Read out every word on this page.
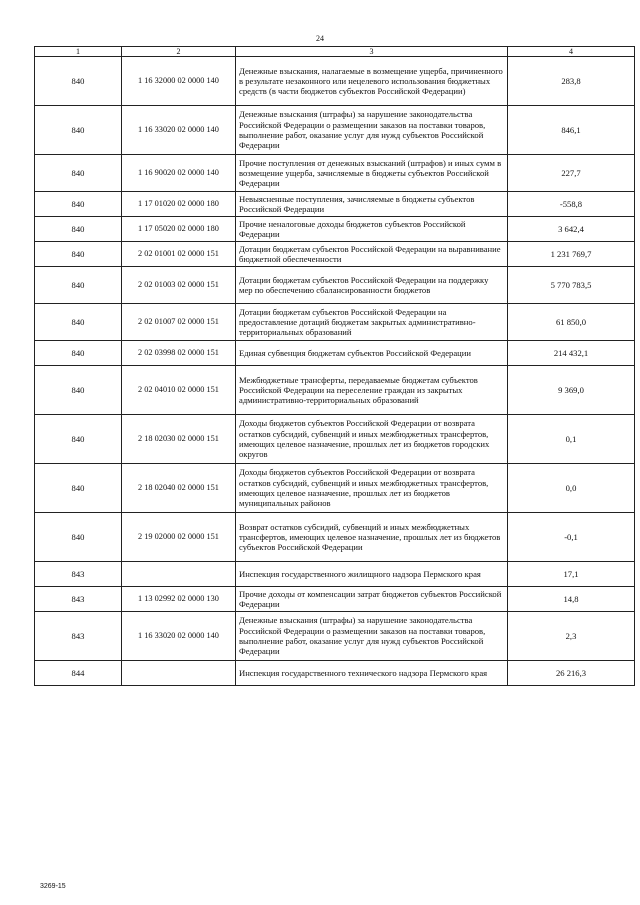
24
1	2	3	4
840	1 16 32000 02 0000 140	Денежные взыскания, налагаемые в возмещение ущерба, причиненного в результате незаконного или нецелевого использования бюджетных средств (в части бюджетов субъектов Российской Федерации)	283,8
840	1 16 33020 02 0000 140	Денежные взыскания (штрафы) за нарушение законодательства Российской Федерации о размещении заказов на поставки товаров, выполнение работ, оказание услуг для нужд субъектов Российской Федерации	846,1
840	1 16 90020 02 0000 140	Прочие поступления от денежных взысканий (штрафов) и иных сумм в возмещение ущерба, зачисляемые в бюджеты субъектов Российской Федерации	227,7
840	1 17 01020 02 0000 180	Невыясненные поступления, зачисляемые в бюджеты субъектов Российской Федерации	-558,8
840	1 17 05020 02 0000 180	Прочие неналоговые доходы бюджетов субъектов Российской Федерации	3 642,4
840	2 02 01001 02 0000 151	Дотации бюджетам субъектов Российской Федерации на выравнивание бюджетной обеспеченности	1 231 769,7
840	2 02 01003 02 0000 151	Дотации бюджетам субъектов Российской Федерации на поддержку мер по обеспечению сбалансированности бюджетов	5 770 783,5
840	2 02 01007 02 0000 151	Дотации бюджетам субъектов Российской Федерации на предоставление дотаций бюджетам закрытых административно-территориальных образований	61 850,0
840	2 02 03998 02 0000 151	Единая субвенция бюджетам субъектов Российской Федерации	214 432,1
840	2 02 04010 02 0000 151	Межбюджетные трансферты, передаваемые бюджетам субъектов Российской Федерации на переселение граждан из закрытых административно-территориальных образований	9 369,0
840	2 18 02030 02 0000 151	Доходы бюджетов субъектов Российской Федерации от возврата остатков субсидий, субвенций и иных межбюджетных трансфертов, имеющих целевое назначение, прошлых лет из бюджетов городских округов	0,1
840	2 18 02040 02 0000 151	Доходы бюджетов субъектов Российской Федерации от возврата остатков субсидий, субвенций и иных межбюджетных трансфертов, имеющих целевое назначение, прошлых лет из бюджетов муниципальных районов	0,0
840	2 19 02000 02 0000 151	Возврат остатков субсидий, субвенций и иных межбюджетных трансфертов, имеющих целевое назначение, прошлых лет из бюджетов субъектов Российской Федерации	-0,1
843		Инспекция государственного жилищного надзора Пермского края	17,1
843	1 13 02992 02 0000 130	Прочие доходы от компенсации затрат бюджетов субъектов Российской Федерации	14,8
843	1 16 33020 02 0000 140	Денежные взыскания (штрафы) за нарушение законодательства Российской Федерации о размещении заказов на поставки товаров, выполнение работ, оказание услуг для нужд субъектов Российской Федерации	2,3
844		Инспекция государственного технического надзора Пермского края	26 216,3
3269-15
